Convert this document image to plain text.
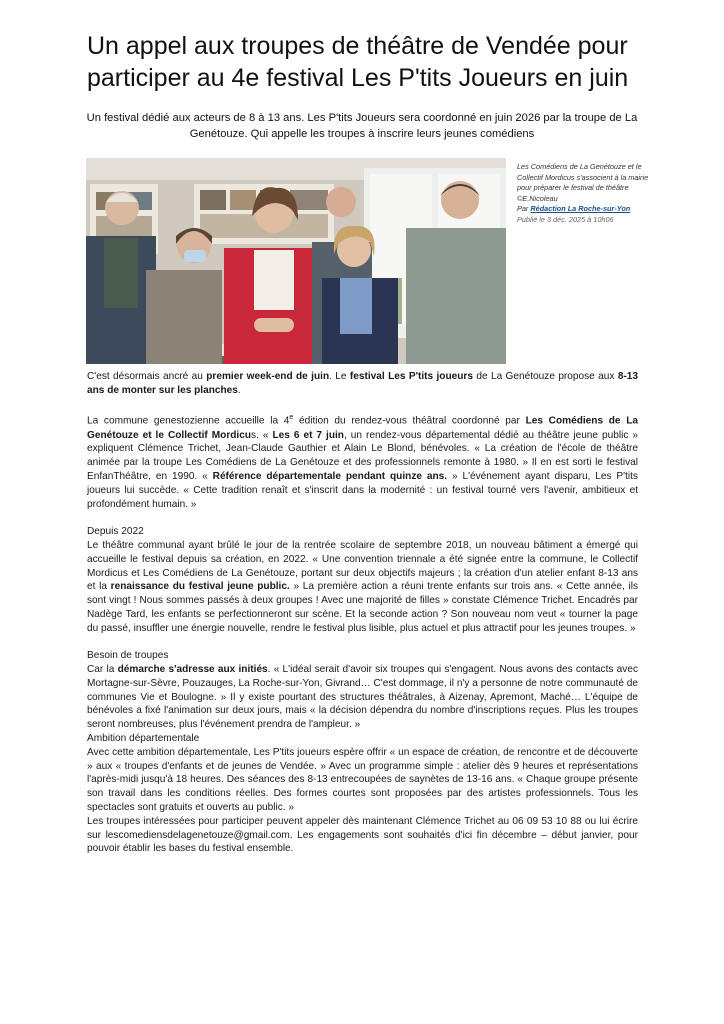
Un appel aux troupes de théâtre de Vendée pour participer au 4e festival Les P'tits Joueurs en juin

Un festival dédié aux acteurs de 8 à 13 ans. Les P'tits Joueurs sera coordonné en juin 2026 par la troupe de La Genétouze. Qui appelle les troupes à inscrire leurs jeunes comédiens

Les Comédiens de La Genétouze et le Collectif Mordicus s'associent à la mairie pour préparer le festival de théâtre
©E.Nicoleau
Par Rédaction La Roche-sur-Yon
Publié le 3 déc. 2025 à 10h06

C'est désormais ancré au premier week-end de juin. Le festival Les P'tits joueurs de La Genétouze propose aux 8-13 ans de monter sur les planches.

La commune genestozienne accueille la 4e édition du rendez-vous théâtral coordonné par Les Comédiens de La Genétouze et le Collectif Mordicus. « Les 6 et 7 juin, un rendez-vous départemental dédié au théâtre jeune public » expliquent Clémence Trichet, Jean-Claude Gauthier et Alain Le Blond, bénévoles. « La création de l'école de théâtre animée par la troupe Les Comédiens de La Genétouze et des professionnels remonte à 1980. » Il en est sorti le festival EnfanThéâtre, en 1990. « Référence départementale pendant quinze ans. » L'événement ayant disparu, Les P'tits joueurs lui succède. « Cette tradition renaît et s'inscrit dans la modernité : un festival tourné vers l'avenir, ambitieux et profondément humain. »

Depuis 2022

Le théâtre communal ayant brûlé le jour de la rentrée scolaire de septembre 2018, un nouveau bâtiment a émergé qui accueille le festival depuis sa création, en 2022. « Une convention triennale a été signée entre la commune, le Collectif Mordicus et Les Comédiens de La Genétouze, portant sur deux objectifs majeurs ; la création d'un atelier enfant 8-13 ans et la renaissance du festival jeune public. » La première action a réuni trente enfants sur trois ans. « Cette année, ils sont vingt ! Nous sommes passés à deux groupes ! Avec une majorité de filles » constate Clémence Trichet. Encadrés par Nadège Tard, les enfants se perfectionneront sur scène. Et la seconde action ? Son nouveau nom veut « tourner la page du passé, insuffler une énergie nouvelle, rendre le festival plus lisible, plus actuel et plus attractif pour les jeunes troupes. »

Besoin de troupes

Car la démarche s'adresse aux initiés. « L'idéal serait d'avoir six troupes qui s'engagent. Nous avons des contacts avec Mortagne-sur-Sèvre, Pouzauges, La Roche-sur-Yon, Givrand… C'est dommage, il n'y a personne de notre communauté de communes Vie et Boulogne. » Il y existe pourtant des structures théâtrales, à Aizenay, Apremont, Maché… L'équipe de bénévoles a fixé l'animation sur deux jours, mais « la décision dépendra du nombre d'inscriptions reçues. Plus les troupes seront nombreuses, plus l'événement prendra de l'ampleur. »

Ambition départementale

Avec cette ambition départementale, Les P'tits joueurs espère offrir « un espace de création, de rencontre et de découverte » aux « troupes d'enfants et de jeunes de Vendée. » Avec un programme simple : atelier dès 9 heures et représentations l'après-midi jusqu'à 18 heures. Des séances des 8-13 entrecoupées de saynètes de 13-16 ans. « Chaque groupe présente son travail dans les conditions réelles. Des formes courtes sont proposées par des artistes professionnels. Tous les spectacles sont gratuits et ouverts au public. »

Les troupes intéressées pour participer peuvent appeler dès maintenant Clémence Trichet au 06 09 53 10 88 ou lui écrire sur lescomediensdelagenetouze@gmail.com. Les engagements sont souhaités d'ici fin décembre – début janvier, pour pouvoir établir les bases du festival ensemble.
